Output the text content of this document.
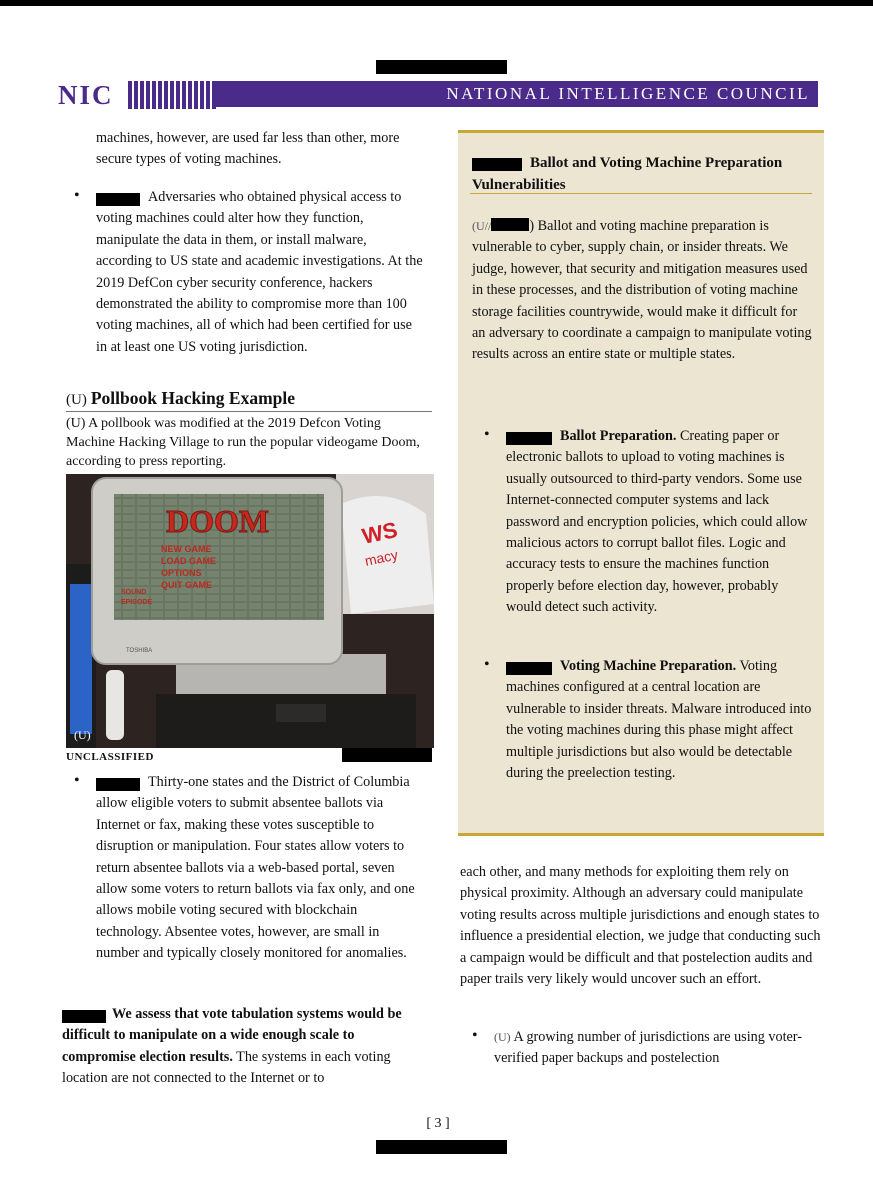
NIC	NATIONAL INTELLIGENCE COUNCIL

machines, however, are used far less than other, more secure types of voting machines.

•	Adversaries who obtained physical access to voting machines could alter how they function, manipulate the data in them, or install malware, according to US state and academic investigations. At the 2019 DefCon cyber security conference, hackers demonstrated the ability to compromise more than 100 voting machines, all of which had been certified for use in at least one US voting jurisdiction.

(U) Pollbook Hacking Example

(U) A pollbook was modified at the 2019 Defcon Voting Machine Hacking Village to run the popular videogame Doom, according to press reporting.

WS
macy
DOOM
NEW GAME
LOAD GAME
OPTIONS
QUIT GAME
SOUND
EPISODE
TOSHIBA
(U)
UNCLASSIFIED
•	Thirty-one states and the District of Columbia allow eligible voters to submit absentee ballots via Internet or fax, making these votes susceptible to disruption or manipulation. Four states allow voters to return absentee ballots via a web-based portal, seven allow some voters to return ballots via fax only, and one allows mobile voting secured with blockchain technology. Absentee votes, however, are small in number and typically closely monitored for anomalies.

We assess that vote tabulation systems would be difficult to manipulate on a wide enough scale to compromise election results. The systems in each voting location are not connected to the Internet or to

Ballot and Voting Machine Preparation Vulnerabilities

(U//	) Ballot and voting machine preparation is vulnerable to cyber, supply chain, or insider threats. We judge, however, that security and mitigation measures used in these processes, and the distribution of voting machine storage facilities countrywide, would make it difficult for an adversary to coordinate a campaign to manipulate voting results across an entire state or multiple states.

•	Ballot Preparation. Creating paper or electronic ballots to upload to voting machines is usually outsourced to third-party vendors. Some use Internet-connected computer systems and lack password and encryption policies, which could allow malicious actors to corrupt ballot files. Logic and accuracy tests to ensure the machines function properly before election day, however, probably would detect such activity.

•	Voting Machine Preparation. Voting machines configured at a central location are vulnerable to insider threats. Malware introduced into the voting machines during this phase might affect multiple jurisdictions but also would be detectable during the preelection testing.

each other, and many methods for exploiting them rely on physical proximity. Although an adversary could manipulate voting results across multiple jurisdictions and enough states to influence a presidential election, we judge that conducting such a campaign would be difficult and that postelection audits and paper trails very likely would uncover such an effort.

• (U) A growing number of jurisdictions are using voter-verified paper backups and postelection

[ 3 ]
